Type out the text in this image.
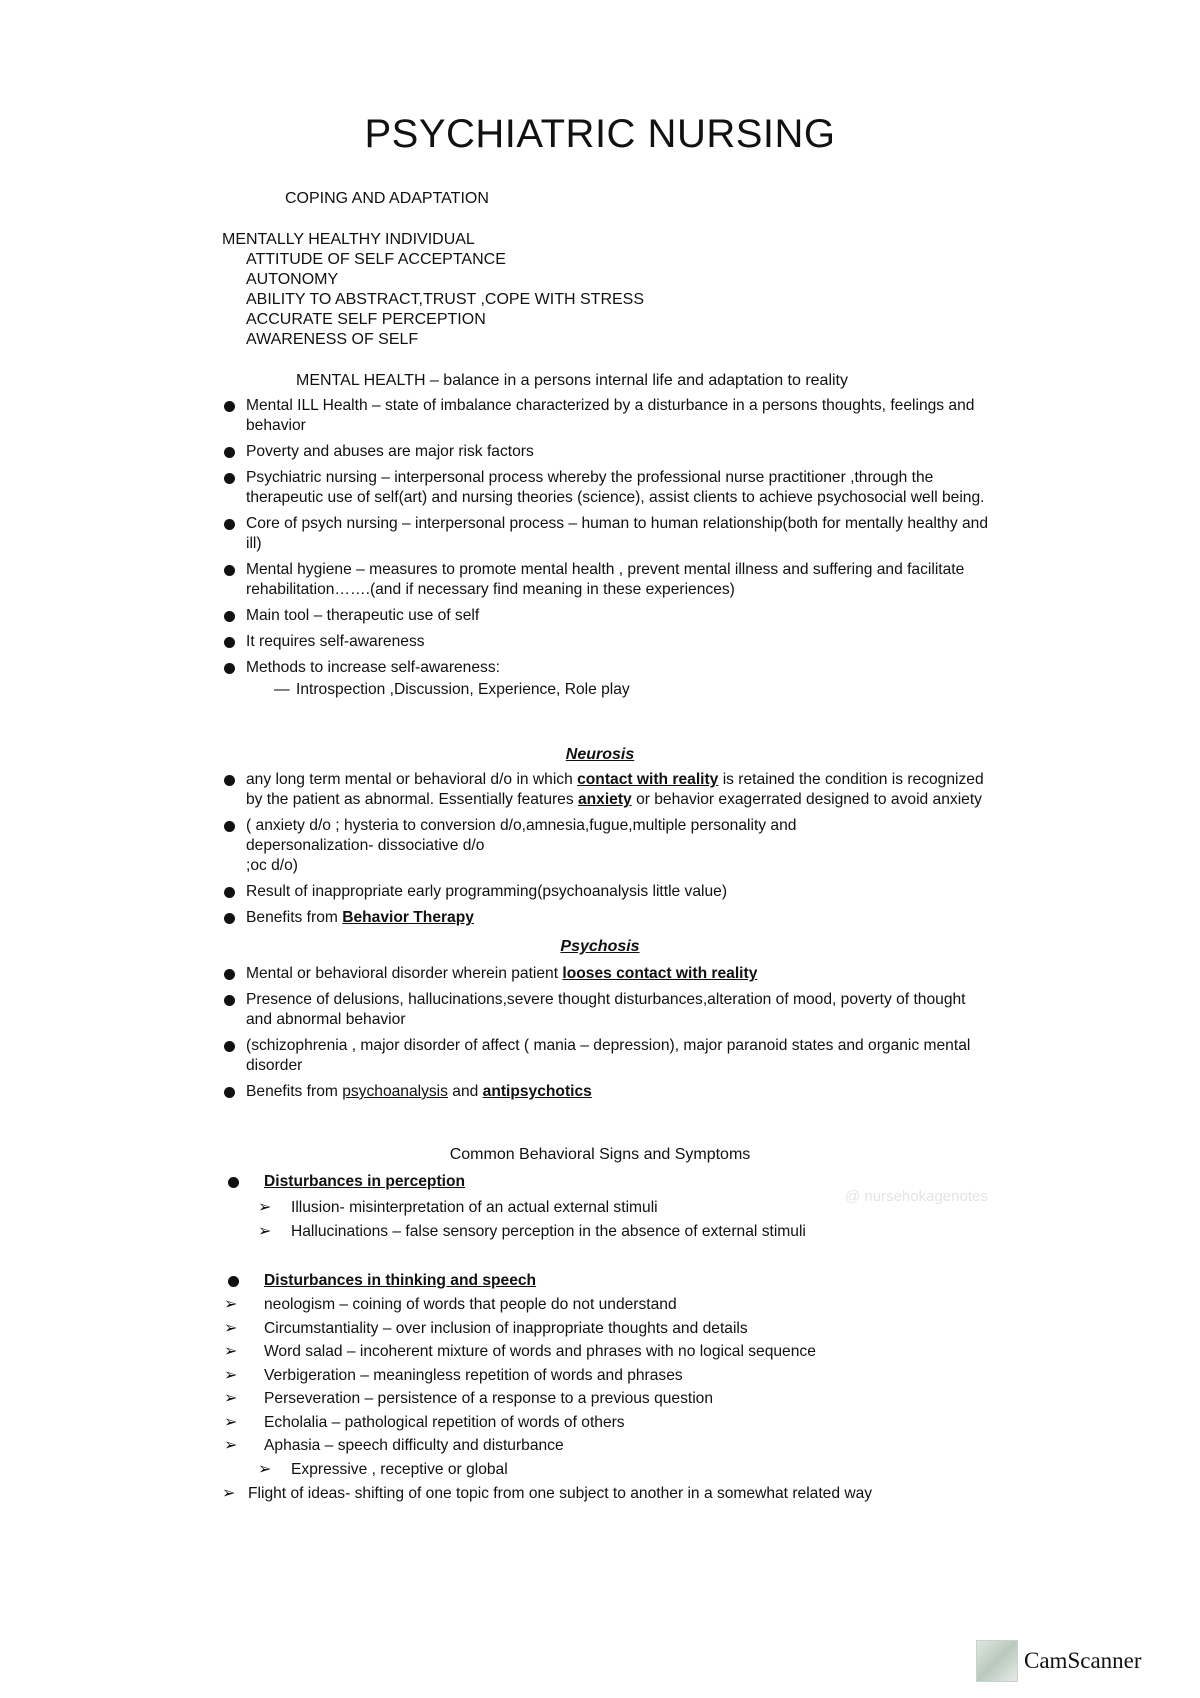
PSYCHIATRIC NURSING
COPING AND ADAPTATION
MENTALLY HEALTHY INDIVIDUAL
ATTITUDE OF SELF ACCEPTANCE
AUTONOMY
ABILITY TO ABSTRACT,TRUST ,COPE WITH STRESS
ACCURATE SELF PERCEPTION
AWARENESS OF SELF
MENTAL HEALTH – balance in a persons internal life and adaptation to reality
Mental ILL Health – state of imbalance characterized by a disturbance in a persons thoughts, feelings and behavior
Poverty and abuses are major risk factors
Psychiatric nursing – interpersonal process whereby the professional nurse practitioner ,through the therapeutic use of self(art) and nursing theories (science), assist clients to achieve psychosocial well being.
Core of psych nursing – interpersonal process – human to human relationship(both for mentally healthy and ill)
Mental hygiene – measures to promote mental health , prevent mental illness and suffering and facilitate rehabilitation…….(and if necessary find meaning in these experiences)
Main tool – therapeutic use of self
It requires self-awareness
Methods to increase self-awareness:
— Introspection ,Discussion, Experience, Role play
Neurosis
any long term mental or behavioral d/o in which contact with reality is retained the condition is recognized by the patient as abnormal. Essentially features anxiety or behavior exagerrated designed to avoid anxiety
( anxiety d/o ; hysteria to conversion d/o,amnesia,fugue,multiple personality and
depersonalization- dissociative d/o
;oc d/o)
Result of inappropriate early programming(psychoanalysis little value)
Benefits from Behavior Therapy
Psychosis
Mental or behavioral disorder wherein patient looses contact with reality
Presence of delusions, hallucinations,severe thought disturbances,alteration of mood, poverty of thought and abnormal behavior
(schizophrenia , major disorder of affect ( mania – depression), major paranoid states and organic mental disorder
Benefits from psychoanalysis and antipsychotics
Common Behavioral Signs and Symptoms
Disturbances in perception
➢ Illusion- misinterpretation of an actual external stimuli
➢ Hallucinations – false sensory perception in the absence of external stimuli
@ nursehokagenotes
Disturbances in thinking and speech
➢ neologism – coining of words that people do not understand
➢ Circumstantiality – over inclusion of inappropriate thoughts and details
➢ Word salad – incoherent mixture of words and phrases with no logical sequence
➢ Verbigeration – meaningless repetition of words and phrases
➢ Perseveration – persistence of a response to a previous question
➢ Echolalia – pathological repetition of words of others
➢ Aphasia – speech difficulty and disturbance
➢ Expressive , receptive or global
➢ Flight of ideas- shifting of one topic from one subject to another in a somewhat related way
CamScanner
